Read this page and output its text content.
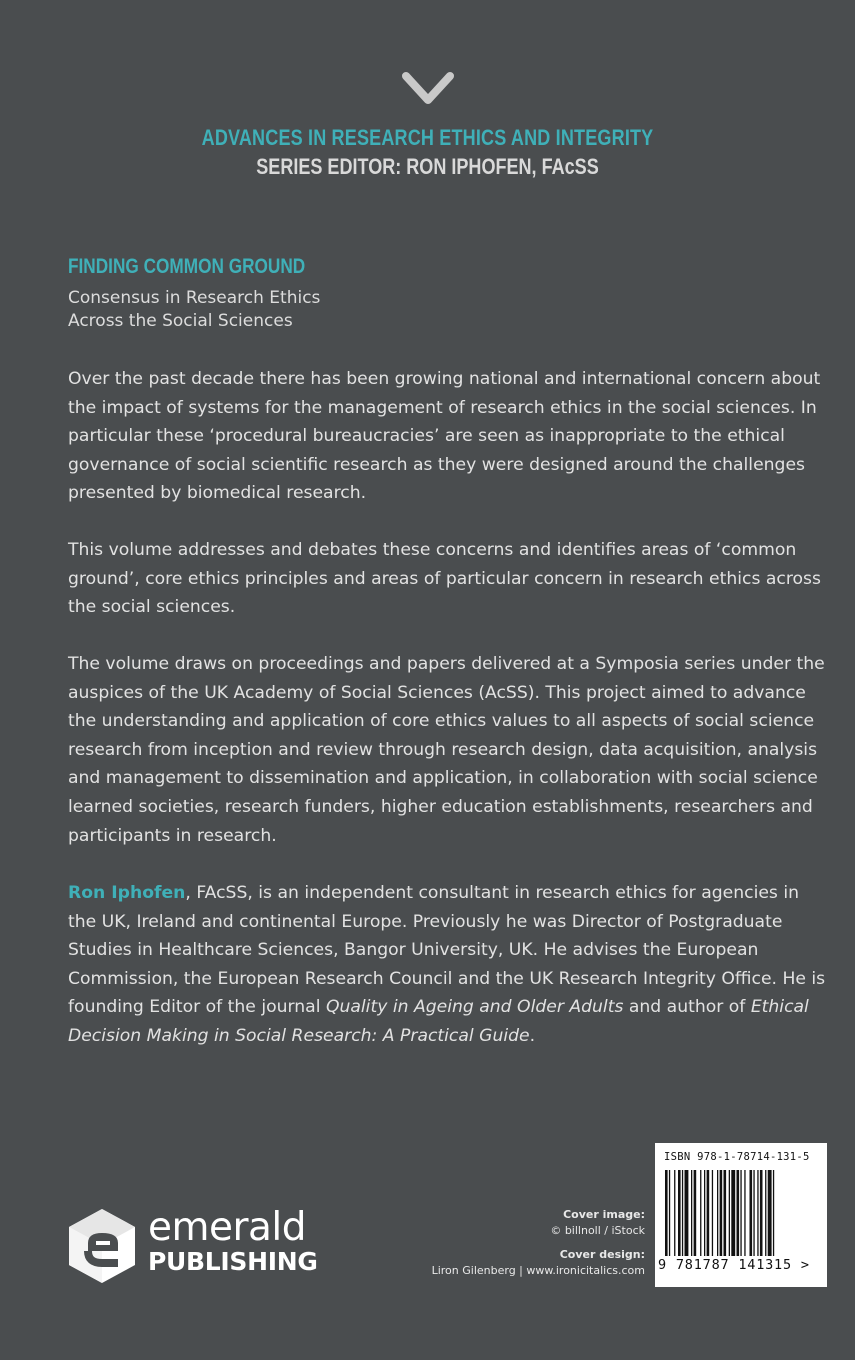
ADVANCES IN RESEARCH ETHICS AND INTEGRITY
SERIES EDITOR: RON IPHOFEN, FAcSS
FINDING COMMON GROUND
Consensus in Research Ethics
Across the Social Sciences

Over the past decade there has been growing national and international concern about the impact of systems for the management of research ethics in the social sciences. In particular these ‘procedural bureaucracies’ are seen as inappropriate to the ethical governance of social scientific research as they were designed around the challenges presented by biomedical research.

This volume addresses and debates these concerns and identifies areas of ‘common ground’, core ethics principles and areas of particular concern in research ethics across the social sciences.

The volume draws on proceedings and papers delivered at a Symposia series under the auspices of the UK Academy of Social Sciences (AcSS). This project aimed to advance the understanding and application of core ethics values to all aspects of social science research from inception and review through research design, data acquisition, analysis and management to dissemination and application, in collaboration with social science learned societies, research funders, higher education establishments, researchers and participants in research.

Ron Iphofen, FAcSS, is an independent consultant in research ethics for agencies in the UK, Ireland and continental Europe. Previously he was Director of Postgraduate Studies in Healthcare Sciences, Bangor University, UK. He advises the European Commission, the European Research Council and the UK Research Integrity Office. He is founding Editor of the journal Quality in Ageing and Older Adults and author of Ethical Decision Making in Social Research: A Practical Guide.

emerald
PUBLISHING
Cover image:
© billnoll / iStock
Cover design:
Liron Gilenberg | www.ironicitalics.com
ISBN 978-1-78714-131-5
9 781787 141315 >
